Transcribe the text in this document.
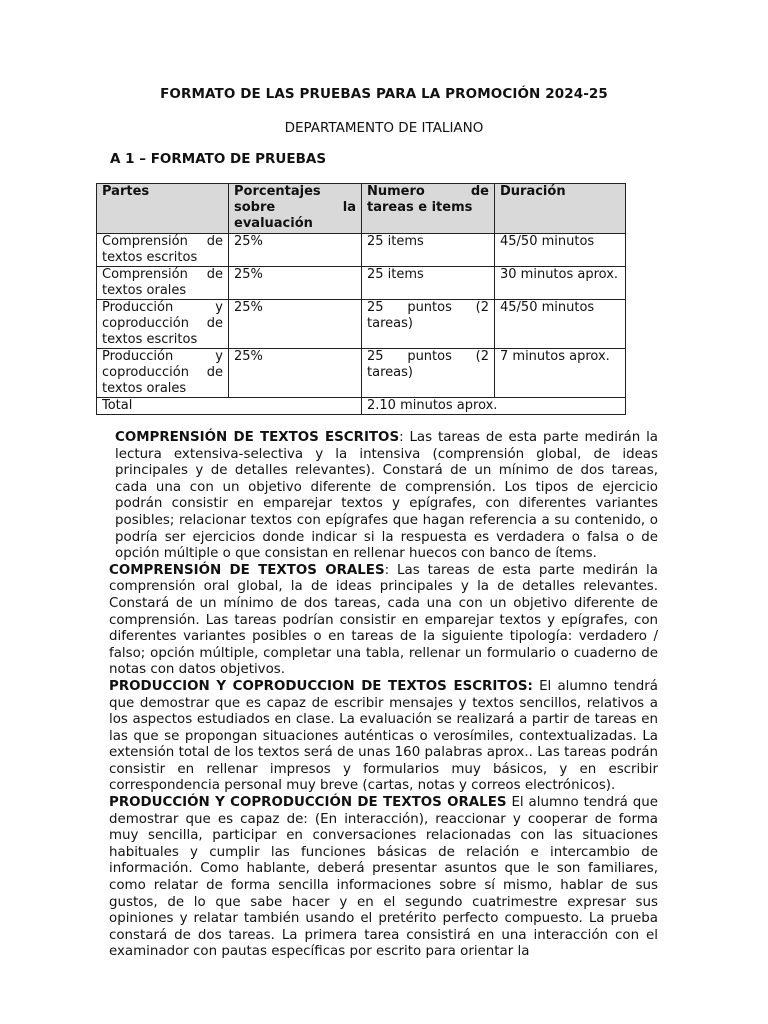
FORMATO DE LAS PRUEBAS PARA LA PROMOCIÓN 2024-25
DEPARTAMENTO DE ITALIANO
A 1 – FORMATO DE PRUEBAS
Partes	Porcentajes sobre la evaluación	Numero de tareas e items	Duración
Comprensión de textos escritos	25%	25 items	45/50 minutos
Comprensión de textos orales	25%	25 items	30 minutos aprox.
Producción y coproducción de textos escritos	25%	25 puntos (2 tareas)	45/50 minutos
Producción y coproducción de textos orales	25%	25 puntos (2 tareas)	7 minutos aprox.
Total		2.10 minutos aprox.	

COMPRENSIÓN DE TEXTOS ESCRITOS: Las tareas de esta parte medirán la lectura extensiva-selectiva y la intensiva (comprensión global, de ideas principales y de detalles relevantes). Constará de un mínimo de dos tareas, cada una con un objetivo diferente de comprensión. Los tipos de ejercicio podrán consistir en emparejar textos y epígrafes, con diferentes variantes posibles; relacionar textos con epígrafes que hagan referencia a su contenido, o podría ser ejercicios donde indicar si la respuesta es verdadera o falsa o de opción múltiple o que consistan en rellenar huecos con banco de ítems.

COMPRENSIÓN DE TEXTOS ORALES: Las tareas de esta parte medirán la comprensión oral global, la de ideas principales y la de detalles relevantes. Constará de un mínimo de dos tareas, cada una con un objetivo diferente de comprensión. Las tareas podrían consistir en emparejar textos y epígrafes, con diferentes variantes posibles o en tareas de la siguiente tipología: verdadero / falso; opción múltiple, completar una tabla, rellenar un formulario o cuaderno de notas con datos objetivos.

PRODUCCION Y COPRODUCCION DE TEXTOS ESCRITOS: El alumno tendrá que demostrar que es capaz de escribir mensajes y textos sencillos, relativos a los aspectos estudiados en clase. La evaluación se realizará a partir de tareas en las que se propongan situaciones auténticas o verosímiles, contextualizadas. La extensión total de los textos será de unas 160 palabras aprox.. Las tareas podrán consistir en rellenar impresos y formularios muy básicos, y en escribir correspondencia personal muy breve (cartas, notas y correos electrónicos).

PRODUCCIÓN Y COPRODUCCIÓN DE TEXTOS ORALES El alumno tendrá que demostrar que es capaz de: (En interacción), reaccionar y cooperar de forma muy sencilla, participar en conversaciones relacionadas con las situaciones habituales y cumplir las funciones básicas de relación e intercambio de información. Como hablante, deberá presentar asuntos que le son familiares, como relatar de forma sencilla informaciones sobre sí mismo, hablar de sus gustos, de lo que sabe hacer y en el segundo cuatrimestre expresar sus opiniones y relatar también usando el pretérito perfecto compuesto. La prueba constará de dos tareas. La primera tarea consistirá en una interacción con el examinador con pautas específicas por escrito para orientar la
